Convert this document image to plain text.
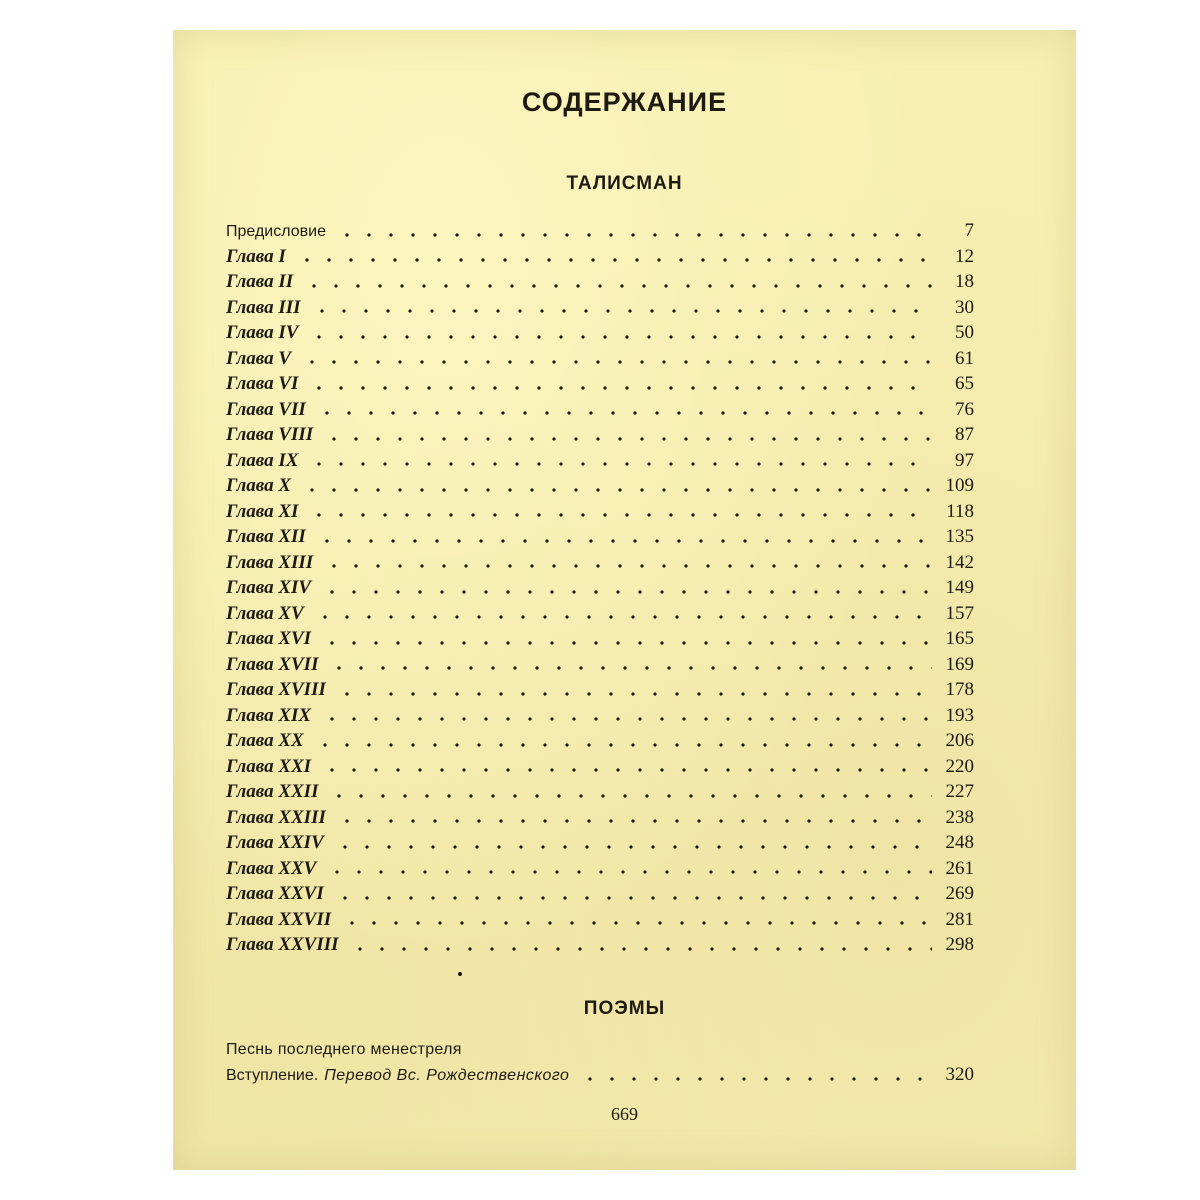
СОДЕРЖАНИЕ
ТАЛИСМАН
Предисловие	7
Глава I	12
Глава II	18
Глава III	30
Глава IV	50
Глава V	61
Глава VI	65
Глава VII	76
Глава VIII	87
Глава IX	97
Глава X	109
Глава XI	118
Глава XII	135
Глава XIII	142
Глава XIV	149
Глава XV	157
Глава XVI	165
Глава XVII	169
Глава XVIII	178
Глава XIX	193
Глава XX	206
Глава XXI	220
Глава XXII	227
Глава XXIII	238
Глава XXIV	248
Глава XXV	261
Глава XXVI	269
Глава XXVII	281
Глава XXVIII	298
ПОЭМЫ
Песнь последнего менестреля
Вступление. Перевод Вс. Рождественского	320
669
